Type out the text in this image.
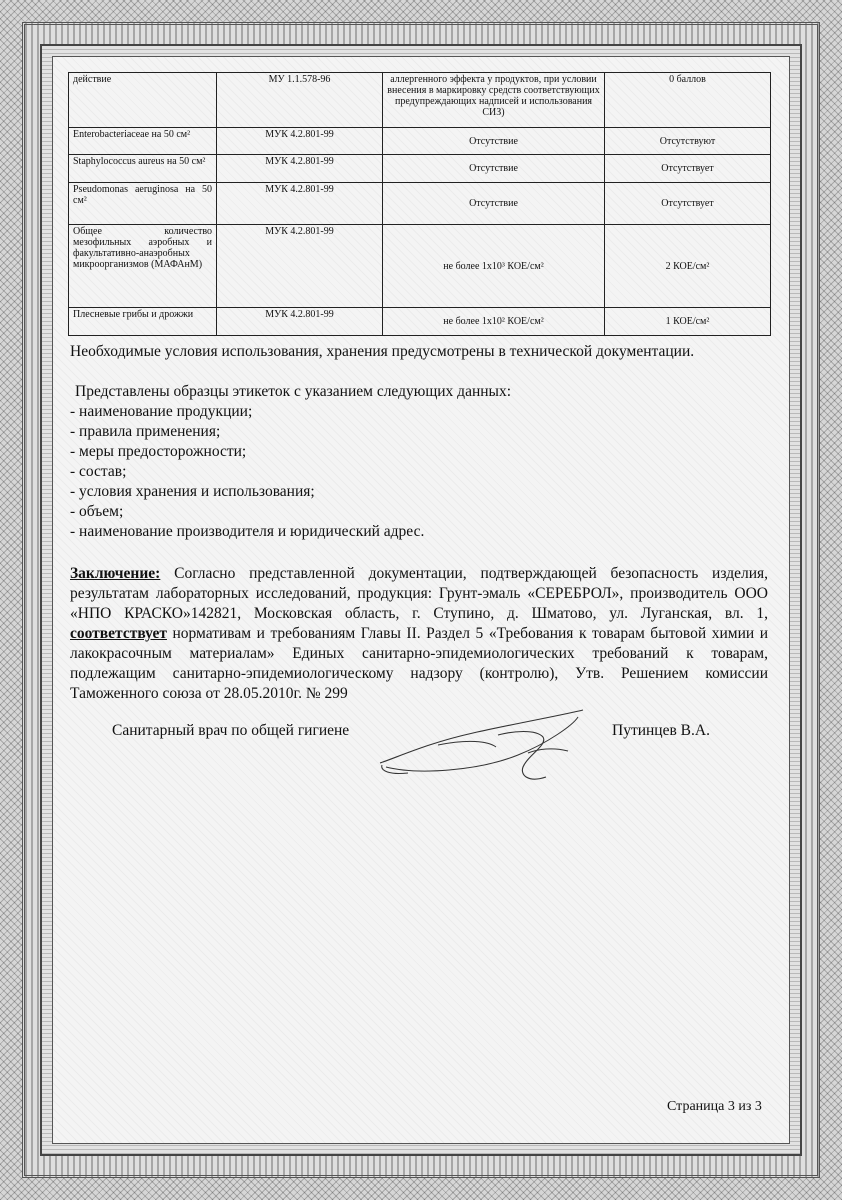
действие	МУ 1.1.578-96	аллергенного эффекта у продуктов, при условии внесения в маркировку средств соответствующих предупреждающих надписей и использования СИЗ)	0 баллов
Enterobacteriaceae на 50 см²	МУК 4.2.801-99	Отсутствие	Отсутствуют
Staphylococcus aureus на 50 см²	МУК 4.2.801-99	Отсутствие	Отсутствует
Pseudomonas aeruginosa на 50 см²	МУК 4.2.801-99	Отсутствие	Отсутствует
Общее количество мезофильных аэробных и факультативно-анаэробных микроорганизмов (МАФАнМ)	МУК 4.2.801-99	не более 1х10³ КОЕ/см²	2 КОЕ/см²
Плесневые грибы и дрожжи	МУК 4.2.801-99	не более 1х10² КОЕ/см²	1 КОЕ/см²
Необходимые условия использования, хранения предусмотрены в технической документации.
Представлены образцы этикеток с указанием следующих данных:
- наименование продукции;
- правила применения;
- меры предосторожности;
- состав;
- условия хранения и использования;
- объем;
- наименование производителя и юридический адрес.
Заключение: Согласно представленной документации, подтверждающей безопасность изделия, результатам лабораторных исследований, продукция: Грунт-эмаль «СЕРЕБРОЛ», производитель ООО «НПО КРАСКО»142821, Московская область, г. Ступино, д. Шматово, ул. Луганская, вл. 1, соответствует нормативам и требованиям Главы II. Раздел 5 «Требования к товарам бытовой химии и лакокрасочным материалам» Единых санитарно-эпидемиологических требований к товарам, подлежащим санитарно-эпидемиологическому надзору (контролю), Утв. Решением комиссии Таможенного союза от 28.05.2010г. № 299
Санитарный врач по общей гигиене	Путинцев В.А.
Страница 3 из 3
